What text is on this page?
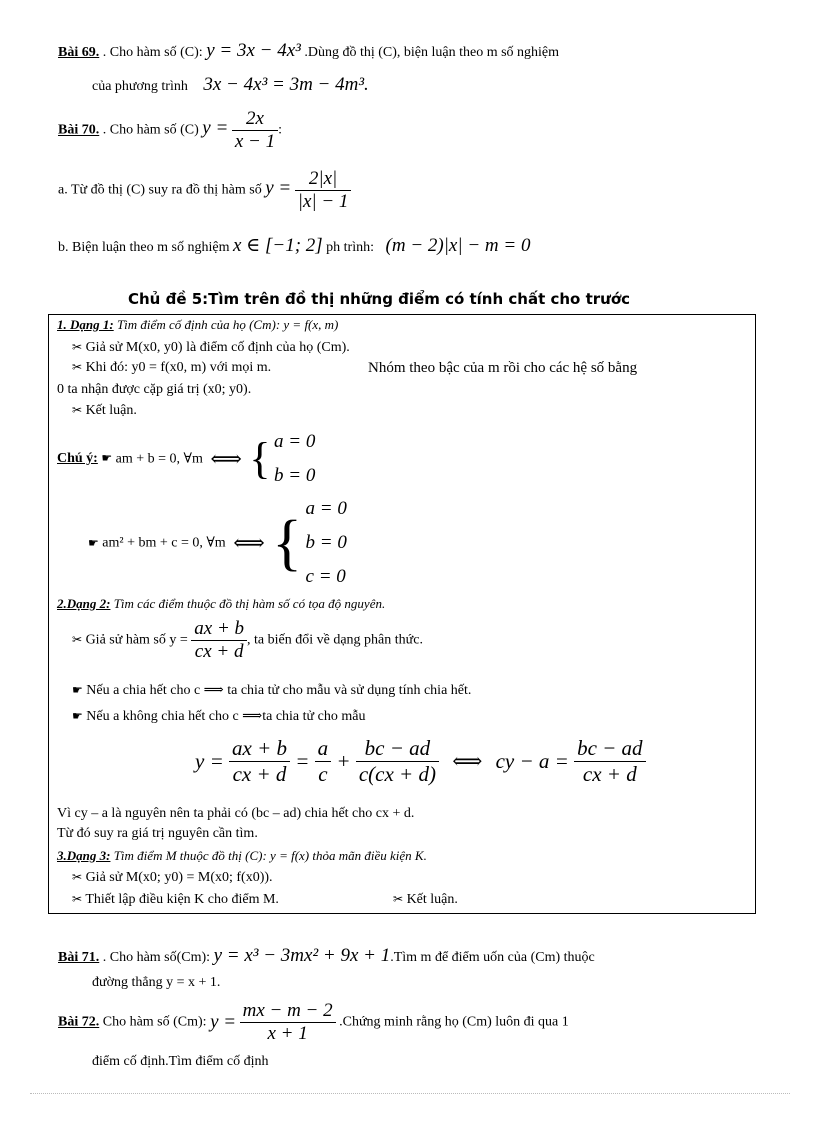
Bài 69. . Cho hàm số (C): y = 3x − 4x³ .Dùng đồ thị (C), biện luận theo m số nghiệm
của phương trình 3x − 4x³ = 3m − 4m³.
Bài 70. . Cho hàm số (C) $y = \frac{2x}{x - 1}$ :
a. Từ đồ thị (C) suy ra đồ thị hàm số $y = \frac{2|x|}{|x| - 1}$
b. Biện luận theo m số nghiệm x ∈ [−1; 2] ph trình: (m − 2)|x| − m = 0
Chủ đề 5:Tìm trên đồ thị những điểm có tính chất cho trước
1. Dạng 1: Tìm điểm cố định của họ (Cm): y = f(x, m)
✂ Giả sử M(x0, y0) là điểm cố định của họ (Cm).
✂ Khi đó: y0 = f(x0, m) với mọi m.	Nhóm theo bậc của m rồi cho các hệ số bằng
0 ta nhận được cặp giá trị (x0; y0).
✂ Kết luận.
Chú ý: ☛ am + b = 0, ∀m ⟺ { a = 0
b = 0
☛ am² + bm + c = 0, ∀m ⟺ {
a = 0
b = 0
c = 0
2.Dạng 2: Tìm các điểm thuộc đồ thị hàm số có tọa độ nguyên.
✂ Giả sử hàm số $y = \frac{ax + b}{cx + d}$ , ta biến đổi về dạng phân thức.
☛ Nếu a chia hết cho c ⟹ ta chia tử cho mẫu và sử dụng tính chia hết.
☛ Nếu a không chia hết cho c ⟹ta chia tử cho mẫu
$y = \frac{ax + b}{cx + d} = \frac{a}{c} + \frac{bc - ad}{c(cx + d)}$ ⟺ cy − $a = \frac{bc - ad}{cx + d}$
Vì cy – a là nguyên nên ta phải có (bc – ad) chia hết cho cx + d.
Từ đó suy ra giá trị nguyên cần tìm.
3.Dạng 3: Tìm điểm M thuộc đồ thị (C): y = f(x) thỏa mãn điều kiện K.
✂ Giả sử M(x0; y0) = M(x0; f(x0)).
✂ Thiết lập điều kiện K cho điểm M.	✂ Kết luận.
Bài 71. . Cho hàm số(Cm): y = x³ − 3mx² + 9x + 1.Tìm m để điểm uốn của (Cm) thuộc
đường thẳng y = x + 1.
Bài 72. Cho hàm số (Cm): $y = \frac{mx - m - 2}{x + 1}$ .Chứng minh rằng họ (Cm) luôn đi qua 1
điểm cố định.Tìm điểm cố định
